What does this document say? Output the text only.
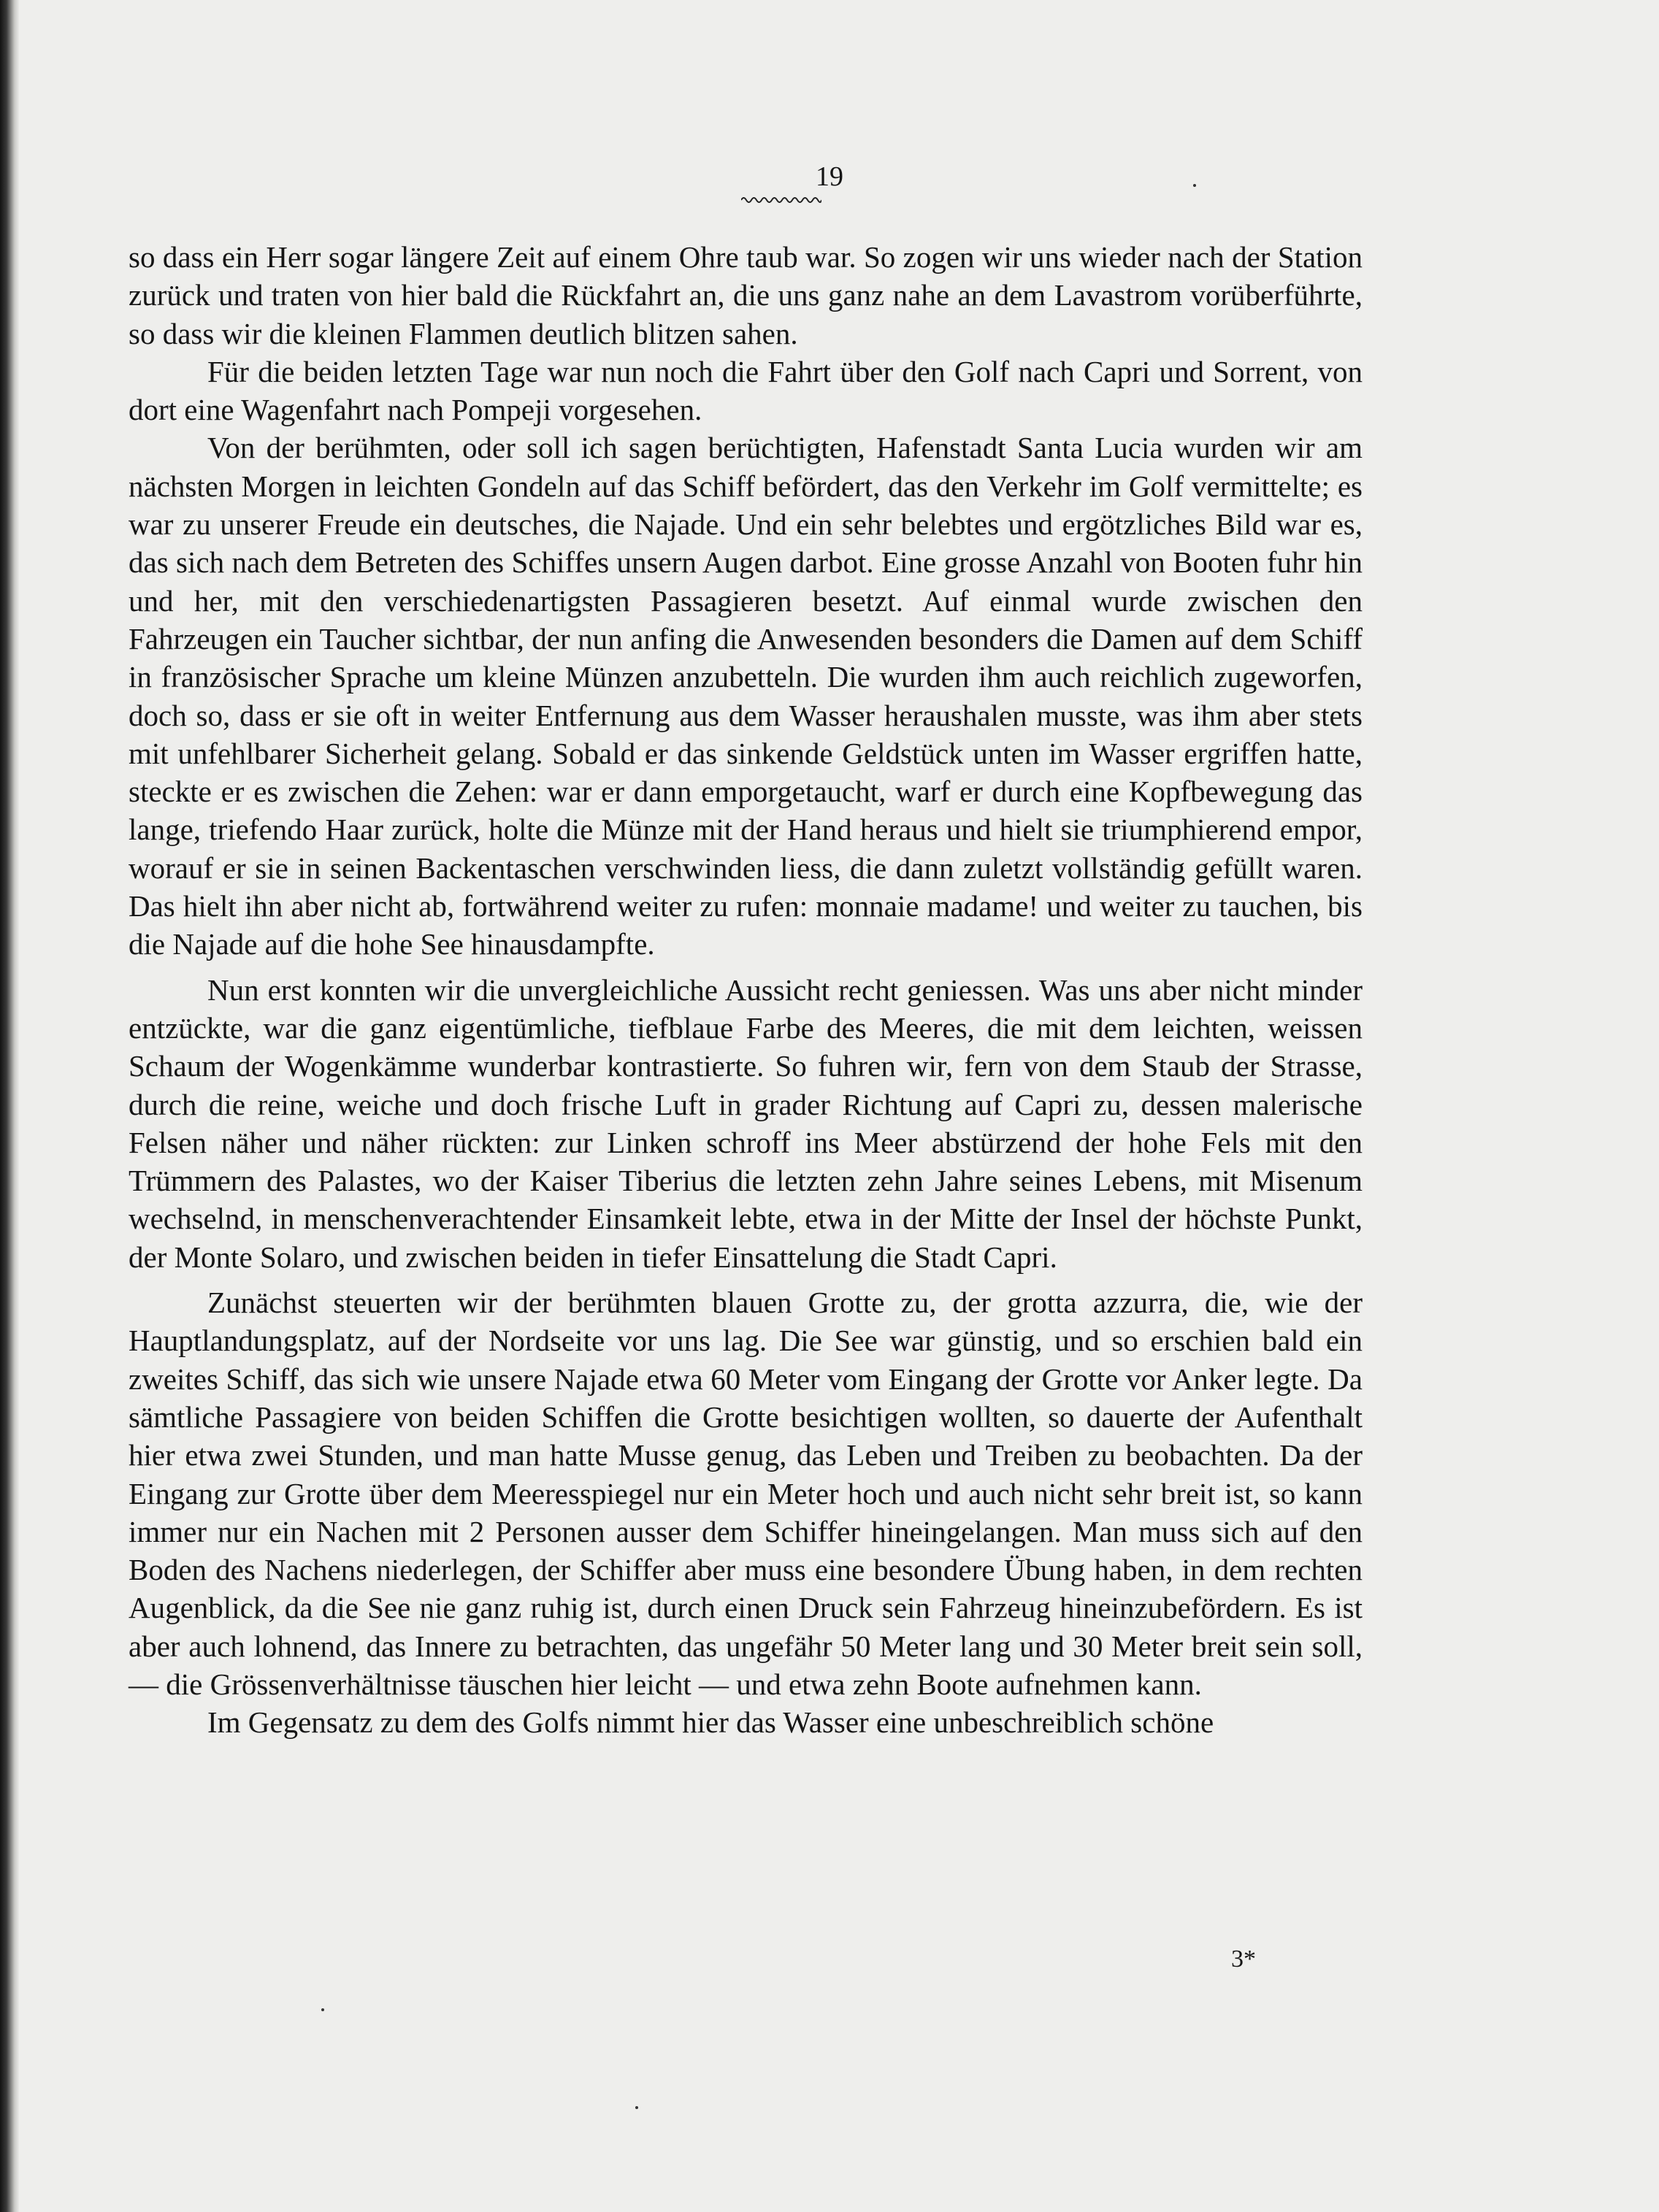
19

so dass ein Herr sogar längere Zeit auf einem Ohre taub war. So zogen wir uns wieder nach der Station zurück und traten von hier bald die Rückfahrt an, die uns ganz nahe an dem Lavastrom vorüberführte, so dass wir die kleinen Flammen deutlich blitzen sahen.

Für die beiden letzten Tage war nun noch die Fahrt über den Golf nach Capri und Sorrent, von dort eine Wagenfahrt nach Pompeji vorgesehen.

Von der berühmten, oder soll ich sagen berüchtigten, Hafenstadt Santa Lucia wurden wir am nächsten Morgen in leichten Gondeln auf das Schiff befördert, das den Verkehr im Golf vermittelte; es war zu unserer Freude ein deutsches, die Najade. Und ein sehr belebtes und ergötzliches Bild war es, das sich nach dem Betreten des Schiffes unsern Augen darbot. Eine grosse Anzahl von Booten fuhr hin und her, mit den verschiedenartigsten Passagieren besetzt. Auf einmal wurde zwischen den Fahrzeugen ein Taucher sichtbar, der nun anfing die Anwesenden besonders die Damen auf dem Schiff in französischer Sprache um kleine Münzen anzubetteln. Die wurden ihm auch reichlich zugeworfen, doch so, dass er sie oft in weiter Entfernung aus dem Wasser heraushalen musste, was ihm aber stets mit unfehlbarer Sicherheit gelang. Sobald er das sinkende Geldstück unten im Wasser ergriffen hatte, steckte er es zwischen die Zehen: war er dann emporgetaucht, warf er durch eine Kopfbewegung das lange, triefendo Haar zurück, holte die Münze mit der Hand heraus und hielt sie triumphierend empor, worauf er sie in seinen Backentaschen verschwinden liess, die dann zuletzt vollständig gefüllt waren. Das hielt ihn aber nicht ab, fortwährend weiter zu rufen: monnaie madame! und weiter zu tauchen, bis die Najade auf die hohe See hinausdampfte.

Nun erst konnten wir die unvergleichliche Aussicht recht geniessen. Was uns aber nicht minder entzückte, war die ganz eigentümliche, tiefblaue Farbe des Meeres, die mit dem leichten, weissen Schaum der Wogenkämme wunderbar kontrastierte. So fuhren wir, fern von dem Staub der Strasse, durch die reine, weiche und doch frische Luft in grader Richtung auf Capri zu, dessen malerische Felsen näher und näher rückten: zur Linken schroff ins Meer abstürzend der hohe Fels mit den Trümmern des Palastes, wo der Kaiser Tiberius die letzten zehn Jahre seines Lebens, mit Misenum wechselnd, in menschenverachtender Einsamkeit lebte, etwa in der Mitte der Insel der höchste Punkt, der Monte Solaro, und zwischen beiden in tiefer Einsattelung die Stadt Capri.

Zunächst steuerten wir der berühmten blauen Grotte zu, der grotta azzurra, die, wie der Hauptlandungsplatz, auf der Nordseite vor uns lag. Die See war günstig, und so erschien bald ein zweites Schiff, das sich wie unsere Najade etwa 60 Meter vom Eingang der Grotte vor Anker legte. Da sämtliche Passagiere von beiden Schiffen die Grotte besichtigen wollten, so dauerte der Aufenthalt hier etwa zwei Stunden, und man hatte Musse genug, das Leben und Treiben zu beobachten. Da der Eingang zur Grotte über dem Meeresspiegel nur ein Meter hoch und auch nicht sehr breit ist, so kann immer nur ein Nachen mit 2 Personen ausser dem Schiffer hineingelangen. Man muss sich auf den Boden des Nachens niederlegen, der Schiffer aber muss eine besondere Übung haben, in dem rechten Augenblick, da die See nie ganz ruhig ist, durch einen Druck sein Fahrzeug hineinzubefördern. Es ist aber auch lohnend, das Innere zu betrachten, das ungefähr 50 Meter lang und 30 Meter breit sein soll, — die Grössenverhältnisse täuschen hier leicht — und etwa zehn Boote aufnehmen kann.

Im Gegensatz zu dem des Golfs nimmt hier das Wasser eine unbeschreiblich schöne

3*
